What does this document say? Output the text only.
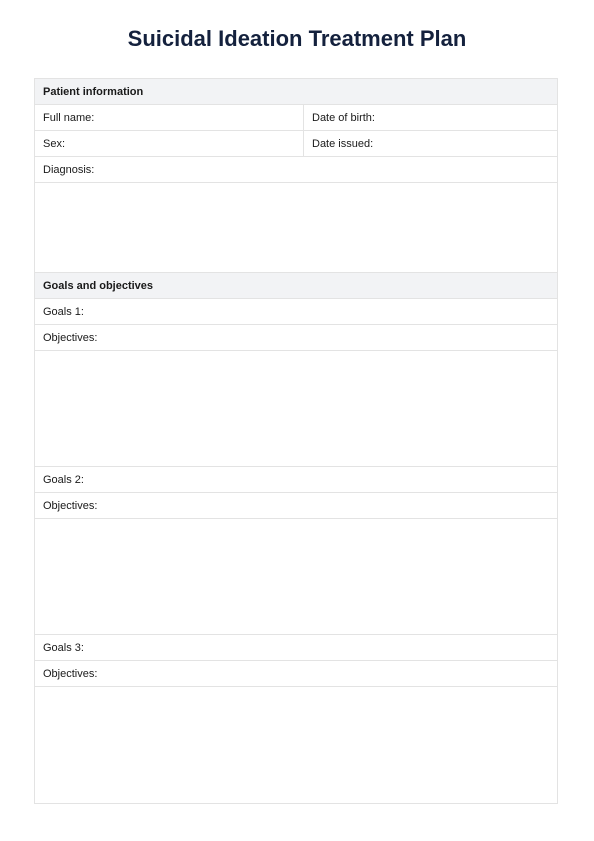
Suicidal Ideation Treatment Plan
Patient information
Full name:	Date of birth:
Sex:	Date issued:
Diagnosis:
Goals and objectives
Goals 1:
Objectives:
Goals 2:
Objectives:
Goals 3:
Objectives:
